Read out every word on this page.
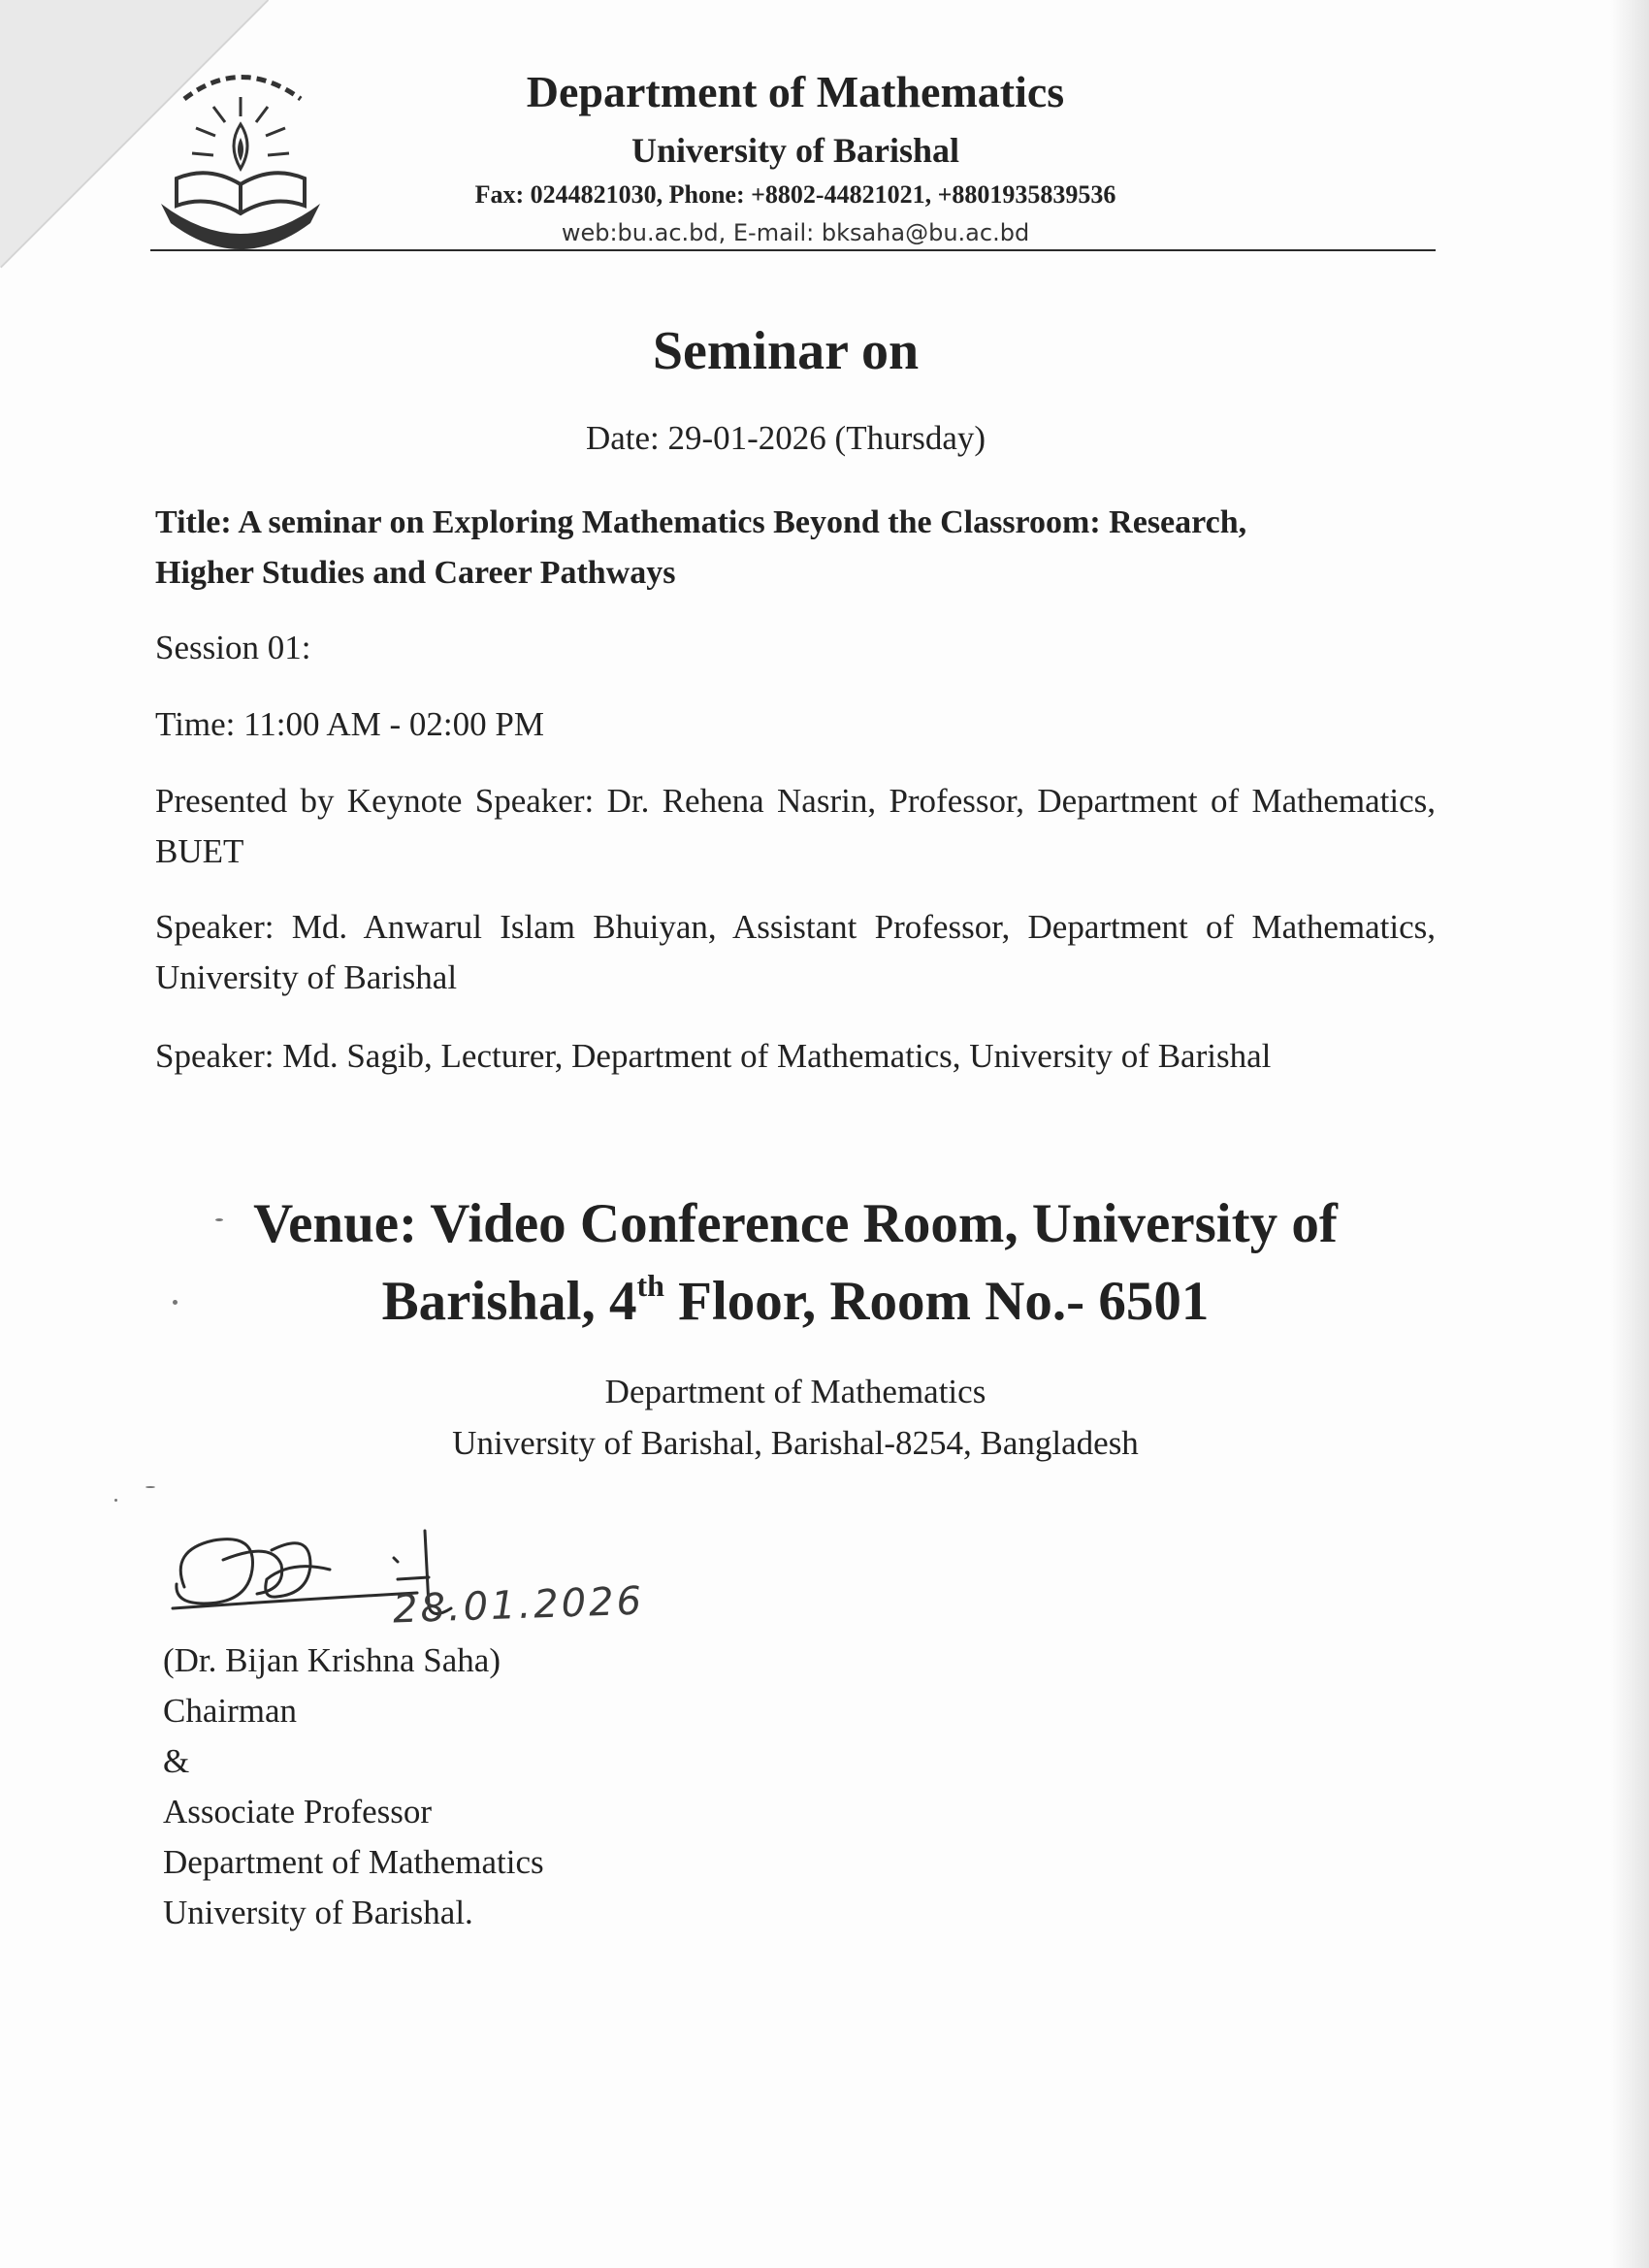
Department of Mathematics
University of Barishal
Fax: 0244821030, Phone: +8802-44821021, +8801935839536
web:bu.ac.bd, E-mail: bksaha@bu.ac.bd
Seminar on
Date: 29-01-2026 (Thursday)
Title: A seminar on Exploring Mathematics Beyond the Classroom: Research,
Higher Studies and Career Pathways
Session 01:
Time: 11:00 AM - 02:00 PM
Presented by Keynote Speaker: Dr. Rehena Nasrin, Professor, Department of Mathematics, BUET
Speaker: Md. Anwarul Islam Bhuiyan, Assistant Professor, Department of Mathematics, University of Barishal
Speaker: Md. Sagib, Lecturer, Department of Mathematics, University of Barishal
Venue: Video Conference Room, University of
Barishal, 4th Floor, Room No.- 6501
Department of Mathematics
University of Barishal, Barishal-8254, Bangladesh
28.01.2026
(Dr. Bijan Krishna Saha)
Chairman
&
Associate Professor
Department of Mathematics
University of Barishal.
